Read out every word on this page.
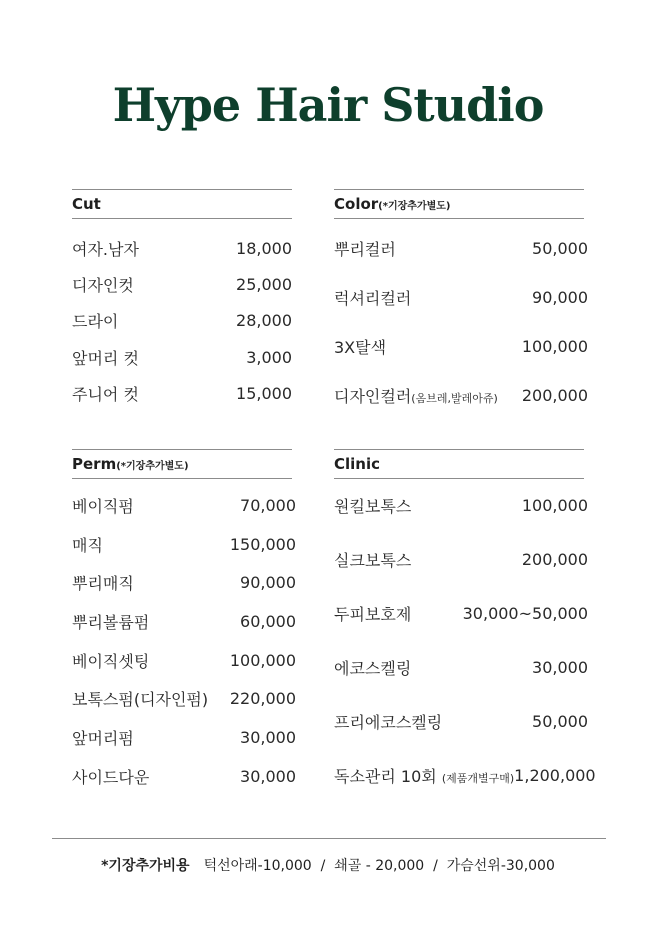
Hype Hair Studio
Cut
여자.남자	18,000
디자인컷	25,000
드라이	28,000
앞머리 컷	3,000
주니어 컷	15,000
Color(*기장추가별도)
뿌리컬러	50,000
럭셔리컬러	90,000
3X탈색	100,000
디자인컬러(옴브레,발레아쥬) 200,000
Perm(*기장추가별도)
베이직펌	70,000
매직	150,000
뿌리매직	90,000
뿌리볼륨펌	60,000
베이직셋팅	100,000
보톡스펌(디자인펌) 220,000
앞머리펌	30,000
사이드다운	30,000
Clinic
원킬보톡스	100,000
실크보톡스	200,000
두피보호제	30,000~50,000
에코스켈링	30,000
프리에코스켈링	50,000
독소관리 10회 (제품개별구매) 1,200,000
*기장추가비용 턱선아래-10,000  /  쇄골 - 20,000  /  가슴선위-30,000
